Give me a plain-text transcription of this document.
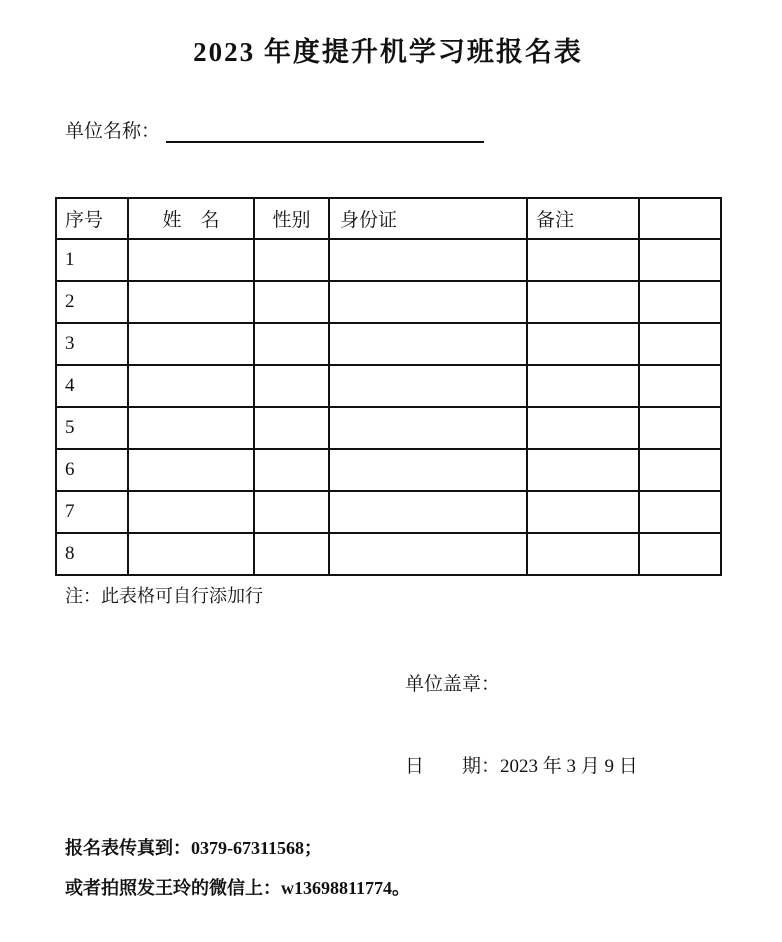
2023 年度提升机学习班报名表
单位名称：
序号	姓　名	性别	身份证	备注	
1					
2					
3					
4					
5					
6					
7					
8					

注：此表格可自行添加行

单位盖章：
日　　期：2023 年 3 月 9 日

报名表传真到：0379-67311568；

或者拍照发王玲的微信上：w13698811774。
